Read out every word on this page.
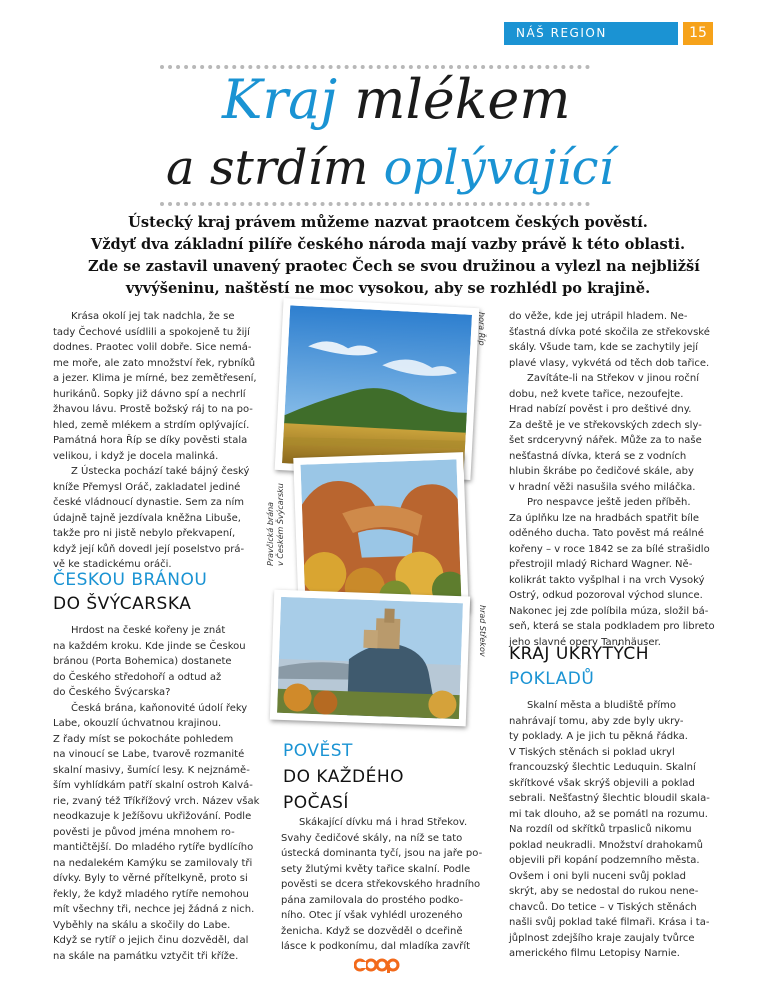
NÁŠ REGION	15
Kraj mlékem
a strdím oplývající
Ústecký kraj právem můžeme nazvat praotcem českých pověstí.
Vždyť dva základní pilíře českého národa mají vazby právě k této oblasti.
Zde se zastavil unavený praotec Čech se svou družinou a vylezl na nejbližší
vyvýšeninu, naštěstí ne moc vysokou, aby se rozhlédl po krajině.
Krása okolí jej tak nadchla, že se
tady Čechové usídlili a spokojeně tu žijí
dodnes. Praotec volil dobře. Sice nemá-
me moře, ale zato množství řek, rybníků
a jezer. Klima je mírné, bez zemětřesení,
hurikánů. Sopky již dávno spí a nechrlí
žhavou lávu. Prostě božský ráj to na po-
hled, země mlékem a strdím oplývající.
Památná hora Říp se díky pověsti stala
velikou, i když je docela malinká.
Z Ústecka pochází také bájný český
kníže Přemysl Oráč, zakladatel jediné
české vládnoucí dynastie. Sem za ním
údajně tajně jezdívala kněžna Libuše,
takže pro ni jistě nebylo překvapení,
když její kůň dovedl její poselstvo prá-
vě ke stadickému oráči.
ČESKOU BRÁNOU
DO ŠVÝCARSKA
Hrdost na české kořeny je znát
na každém kroku. Kde jinde se Českou
bránou (Porta Bohemica) dostanete
do Českého středohoří a odtud až
do Českého Švýcarska?
Česká brána, kaňonovité údolí řeky
Labe, okouzlí úchvatnou krajinou.
Z řady míst se pokocháte pohledem
na vinoucí se Labe, tvarově rozmanité
skalní masivy, šumící lesy. K nejznámě-
ším vyhlídkám patří skalní ostroh Kalvá-
rie, zvaný též Tříkřížový vrch. Název však
neodkazuje k Ježíšovu ukřižování. Podle
pověsti je původ jména mnohem ro-
mantičtější. Do mladého rytíře bydlícího
na nedalekém Kamýku se zamilovaly tři
dívky. Byly to věrné přítelkyně, proto si
řekly, že když mladého rytíře nemohou
mít všechny tři, nechce jej žádná z nich.
Vyběhly na skálu a skočily do Labe.
Když se rytíř o jejich činu dozvěděl, dal
na skále na památku vztyčit tři kříže.
hora Říp
Pravčická brána v Českém Švýcarsku
hrad Střekov
POVĚST
DO KAŽDÉHO
POČASÍ
Skákající dívku má i hrad Střekov.
Svahy čedičové skály, na níž se tato
ústecká dominanta tyčí, jsou na jaře po-
sety žlutými květy tařice skalní. Podle
pověsti se dcera střekovského hradního
pána zamilovala do prostého podko-
ního. Otec jí však vyhlédl urozeného
ženicha. Když se dozvěděl o dceřině
lásce k podkonímu, dal mladíka zavřít
do věže, kde jej utrápil hladem. Ne-
šťastná dívka poté skočila ze střekovské
skály. Všude tam, kde se zachytily její
plavé vlasy, vykvétá od těch dob tařice.
Zavítáte-li na Střekov v jinou roční
dobu, než kvete tařice, nezoufejte.
Hrad nabízí pověst i pro deštivé dny.
Za deště je ve střekovských zdech sly-
šet srdceryvný nářek. Může za to naše
nešťastná dívka, která se z vodních
hlubin škrábe po čedičové skále, aby
v hradní věži nasušila svého miláčka.
Pro nespavce ještě jeden příběh.
Za úplňku lze na hradbách spatřit bíle
oděného ducha. Tato pověst má reálné
kořeny – v roce 1842 se za bílé strašidlo
přestrojil mladý Richard Wagner. Ně-
kolikrát takto vyšplhal i na vrch Vysoký
Ostrý, odkud pozoroval východ slunce.
Nakonec jej zde políbila múza, složil bá-
seň, která se stala podkladem pro libreto
jeho slavné opery Tannhäuser.
KRAJ UKRYTÝCH
POKLADŮ
Skalní města a bludiště přímo
nahrávají tomu, aby zde byly ukry-
ty poklady. A je jich tu pěkná řádka.
V Tiských stěnách si poklad ukryl
francouzský šlechtic Leduquin. Skalní
skřítkové však skrýš objevili a poklad
sebrali. Nešťastný šlechtic bloudil skala-
mi tak dlouho, až se pomátl na rozumu.
Na rozdíl od skřítků trpasliců nikomu
poklad neukradli. Množství drahokamů
objevili při kopání podzemního města.
Ovšem i oni byli nuceni svůj poklad
skrýt, aby se nedostal do rukou nene-
chavců. Do tetice – v Tiských stěnách
našli svůj poklad také filmaři. Krása i ta-
jůplnost zdejšího kraje zaujaly tvůrce
amerického filmu Letopisy Narnie.
